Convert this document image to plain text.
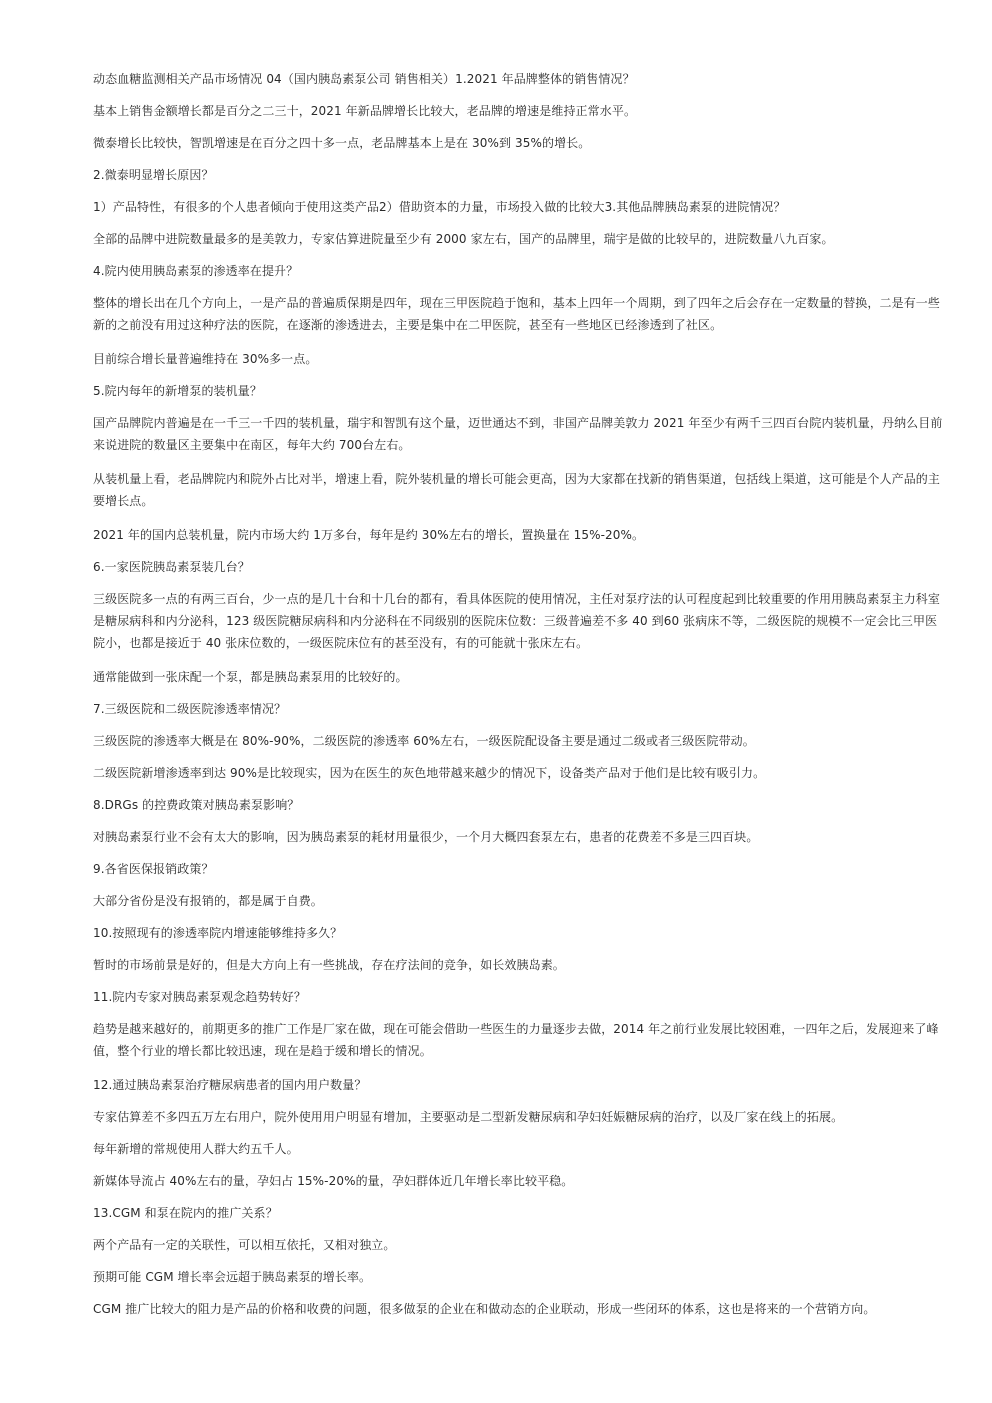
动态血糖监测相关产品市场情况 04（国内胰岛素泵公司 销售相关）1.2021 年品牌整体的销售情况？

基本上销售金额增长都是百分之二三十，2021 年新品牌增长比较大，老品牌的增速是维持正常水平。

微泰增长比较快，智凯增速是在百分之四十多一点，老品牌基本上是在 30%到 35%的增长。

2.微泰明显增长原因？

1）产品特性，有很多的个人患者倾向于使用这类产品2）借助资本的力量，市场投入做的比较大3.其他品牌胰岛素泵的进院情况？

全部的品牌中进院数量最多的是美敦力，专家估算进院量至少有 2000 家左右，国产的品牌里，瑞宇是做的比较早的，进院数量八九百家。

4.院内使用胰岛素泵的渗透率在提升？

整体的增长出在几个方向上，一是产品的普遍质保期是四年，现在三甲医院趋于饱和，基本上四年一个周期，到了四年之后会存在一定数量的替换，二是有一些新的之前没有用过这种疗法的医院，在逐渐的渗透进去，主要是集中在二甲医院，甚至有一些地区已经渗透到了社区。

目前综合增长量普遍维持在 30%多一点。

5.院内每年的新增泵的装机量？

国产品牌院内普遍是在一千三一千四的装机量，瑞宇和智凯有这个量，迈世通达不到，非国产品牌美敦力 2021 年至少有两千三四百台院内装机量，丹纳么目前来说进院的数量区主要集中在南区，每年大约 700台左右。

从装机量上看，老品牌院内和院外占比对半，增速上看，院外装机量的增长可能会更高，因为大家都在找新的销售渠道，包括线上渠道，这可能是个人产品的主要增长点。

2021 年的国内总装机量，院内市场大约 1万多台，每年是约 30%左右的增长，置换量在 15%-20%。

6.一家医院胰岛素泵装几台？

三级医院多一点的有两三百台，少一点的是几十台和十几台的都有，看具体医院的使用情况，主任对泵疗法的认可程度起到比较重要的作用用胰岛素泵主力科室是糖尿病科和内分泌科，123 级医院糖尿病科和内分泌科在不同级别的医院床位数：三级普遍差不多 40 到60 张病床不等，二级医院的规模不一定会比三甲医院小，也都是接近于 40 张床位数的，一级医院床位有的甚至没有，有的可能就十张床左右。

通常能做到一张床配一个泵，都是胰岛素泵用的比较好的。

7.三级医院和二级医院渗透率情况？

三级医院的渗透率大概是在 80%-90%，二级医院的渗透率 60%左右，一级医院配设备主要是通过二级或者三级医院带动。

二级医院新增渗透率到达 90%是比较现实，因为在医生的灰色地带越来越少的情况下，设备类产品对于他们是比较有吸引力。

8.DRGs 的控费政策对胰岛素泵影响？

对胰岛素泵行业不会有太大的影响，因为胰岛素泵的耗材用量很少，一个月大概四套泵左右，患者的花费差不多是三四百块。

9.各省医保报销政策？

大部分省份是没有报销的，都是属于自费。

10.按照现有的渗透率院内增速能够维持多久？

暂时的市场前景是好的，但是大方向上有一些挑战，存在疗法间的竞争，如长效胰岛素。

11.院内专家对胰岛素泵观念趋势转好？

趋势是越来越好的，前期更多的推广工作是厂家在做，现在可能会借助一些医生的力量逐步去做，2014 年之前行业发展比较困难，一四年之后，发展迎来了峰值，整个行业的增长都比较迅速，现在是趋于缓和增长的情况。

12.通过胰岛素泵治疗糖尿病患者的国内用户数量？

专家估算差不多四五万左右用户，院外使用用户明显有增加，主要驱动是二型新发糖尿病和孕妇妊娠糖尿病的治疗，以及厂家在线上的拓展。

每年新增的常规使用人群大约五千人。

新媒体导流占 40%左右的量，孕妇占 15%-20%的量，孕妇群体近几年增长率比较平稳。

13.CGM 和泵在院内的推广关系？

两个产品有一定的关联性，可以相互依托，又相对独立。

预期可能 CGM 增长率会远超于胰岛素泵的增长率。

CGM 推广比较大的阻力是产品的价格和收费的问题，很多做泵的企业在和做动态的企业联动，形成一些闭环的体系，这也是将来的一个营销方向。
